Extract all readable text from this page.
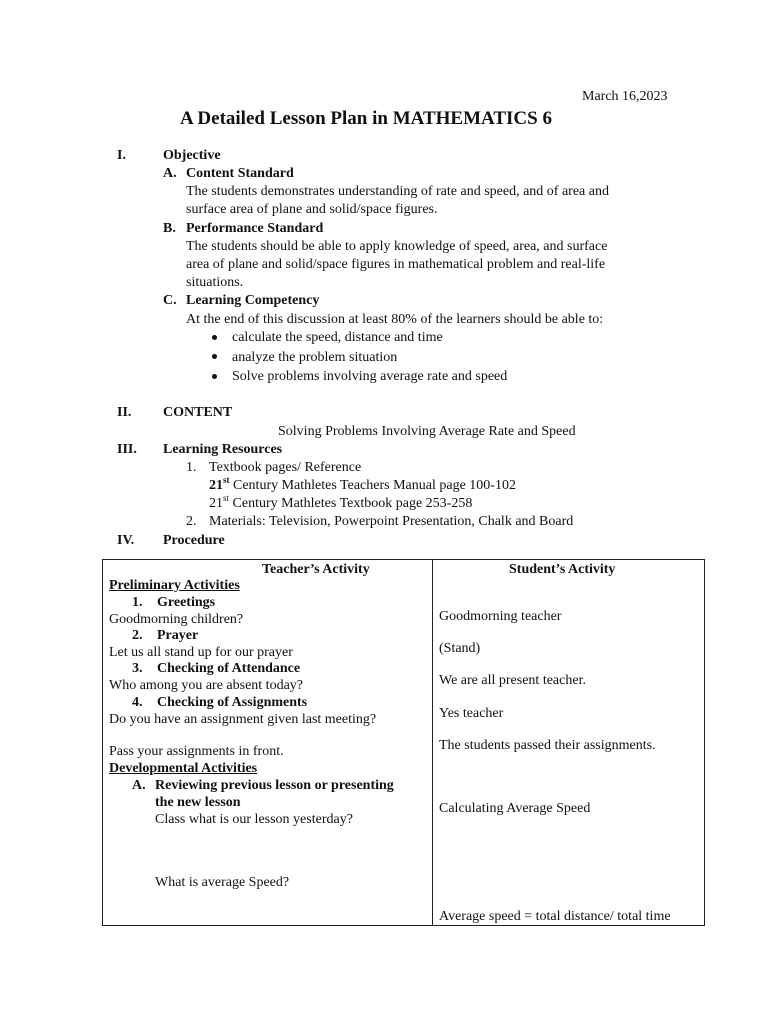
March 16,2023
A Detailed Lesson Plan in MATHEMATICS 6
I.	Objective
A. Content Standard
The students demonstrates understanding of rate and speed, and of area and
surface area of plane and solid/space figures.
B. Performance Standard
The students should be able to apply knowledge of speed, area, and surface
area of plane and solid/space figures in mathematical problem and real-life
situations.
C. Learning Competency
At the end of this discussion at least 80% of the learners should be able to:
calculate the speed, distance and time
analyze the problem situation
Solve problems involving average rate and speed
II. CONTENT
Solving Problems Involving Average Rate and Speed
III. Learning Resources
1. Textbook pages/ Reference
21st Century Mathletes Teachers Manual page 100-102
21st Century Mathletes Textbook page 253-258
2. Materials: Television, Powerpoint Presentation, Chalk and Board
IV. Procedure
Teacher’s Activity
Preliminary Activities
1. Greetings
Goodmorning children?
2. Prayer
Let us all stand up for our prayer
3. Checking of Attendance
Who among you are absent today?
4. Checking of Assignments
Do you have an assignment given last meeting?
Pass your assignments in front.
Developmental Activities
A. Reviewing previous lesson or presenting
the new lesson
Class what is our lesson yesterday?
What is average Speed?
Student’s Activity
Goodmorning teacher
(Stand)
We are all present teacher.
Yes teacher
The students passed their assignments.
Calculating Average Speed
Average speed = total distance/ total time
